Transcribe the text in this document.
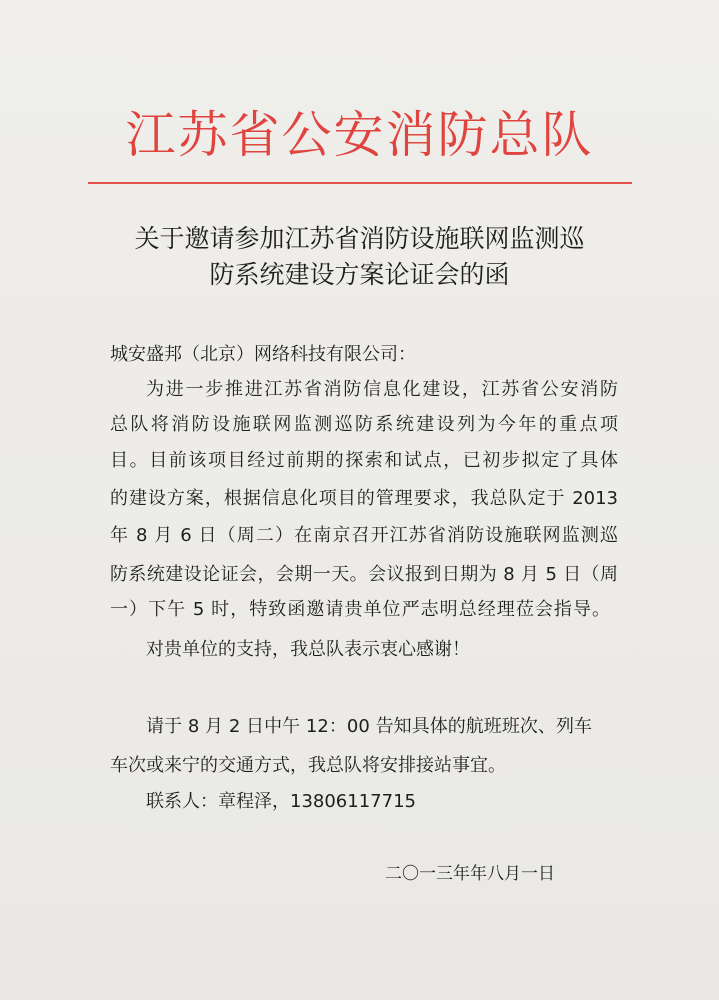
江苏省公安消防总队
关于邀请参加江苏省消防设施联网监测巡
防系统建设方案论证会的函
城安盛邦（北京）网络科技有限公司：
为进一步推进江苏省消防信息化建设，江苏省公安消防
总队将消防设施联网监测巡防系统建设列为今年的重点项
目。目前该项目经过前期的探索和试点，已初步拟定了具体
的建设方案，根据信息化项目的管理要求，我总队定于 2013
年 8 月 6 日（周二）在南京召开江苏省消防设施联网监测巡
防系统建设论证会，会期一天。会议报到日期为 8 月 5 日（周
一）下午 5 时，特致函邀请贵单位严志明总经理莅会指导。
对贵单位的支持，我总队表示衷心感谢！
请于 8 月 2 日中午 12：00 告知具体的航班班次、列车
车次或来宁的交通方式，我总队将安排接站事宜。
联系人：章程泽，13806117715
二〇一三年年八月一日
